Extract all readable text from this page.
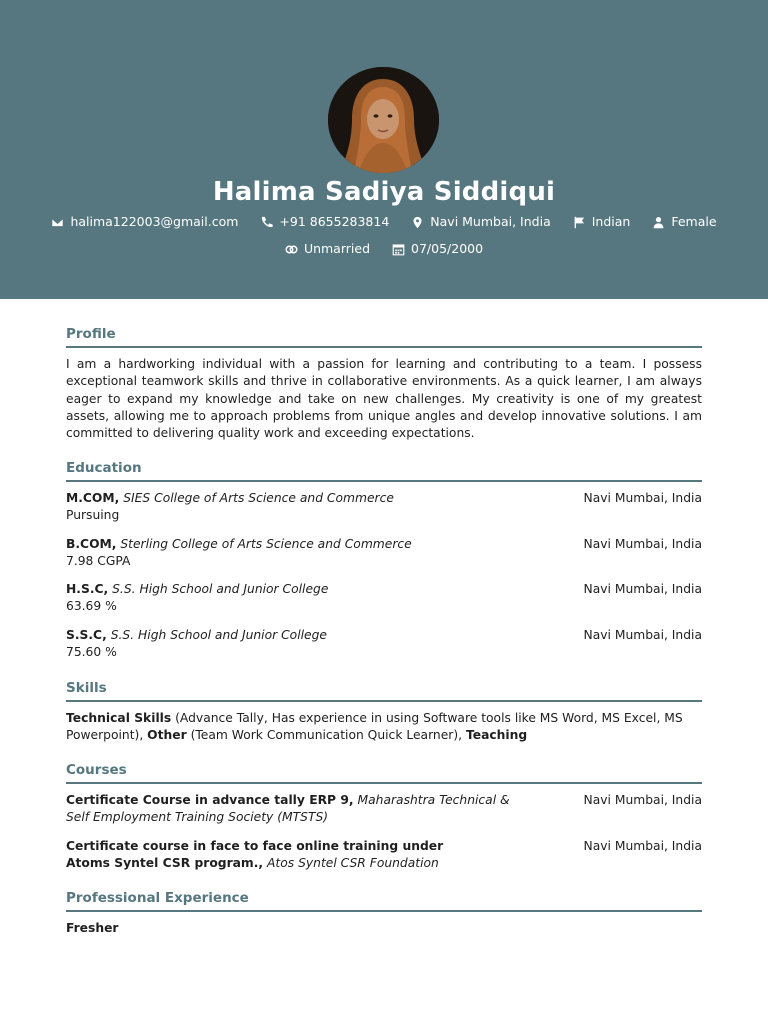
Halima Sadiya Siddiqui
halima122003@gmail.com	+91 8655283814	Navi Mumbai, India	Indian	Female
Unmarried	07/05/2000
Profile
I am a hardworking individual with a passion for learning and contributing to a team. I possess exceptional teamwork skills and thrive in collaborative environments. As a quick learner, I am always eager to expand my knowledge and take on new challenges. My creativity is one of my greatest assets, allowing me to approach problems from unique angles and develop innovative solutions. I am committed to delivering quality work and exceeding expectations.
Education
M.COM, SIES College of Arts Science and Commerce
Pursuing
Navi Mumbai, India
B.COM, Sterling College of Arts Science and Commerce
7.98 CGPA
Navi Mumbai, India
H.S.C, S.S. High School and Junior College
63.69 %
Navi Mumbai, India
S.S.C, S.S. High School and Junior College
75.60 %
Navi Mumbai, India
Skills
Technical Skills (Advance Tally, Has experience in using Software tools like MS Word, MS Excel, MS Powerpoint), Other (Team Work Communication Quick Learner), Teaching
Courses
Certificate Course in advance tally ERP 9, Maharashtra Technical & Self Employment Training Society (MTSTS)
Navi Mumbai, India
Certificate course in face to face online training under Atoms Syntel CSR program., Atos Syntel CSR Foundation
Navi Mumbai, India
Professional Experience
Fresher
